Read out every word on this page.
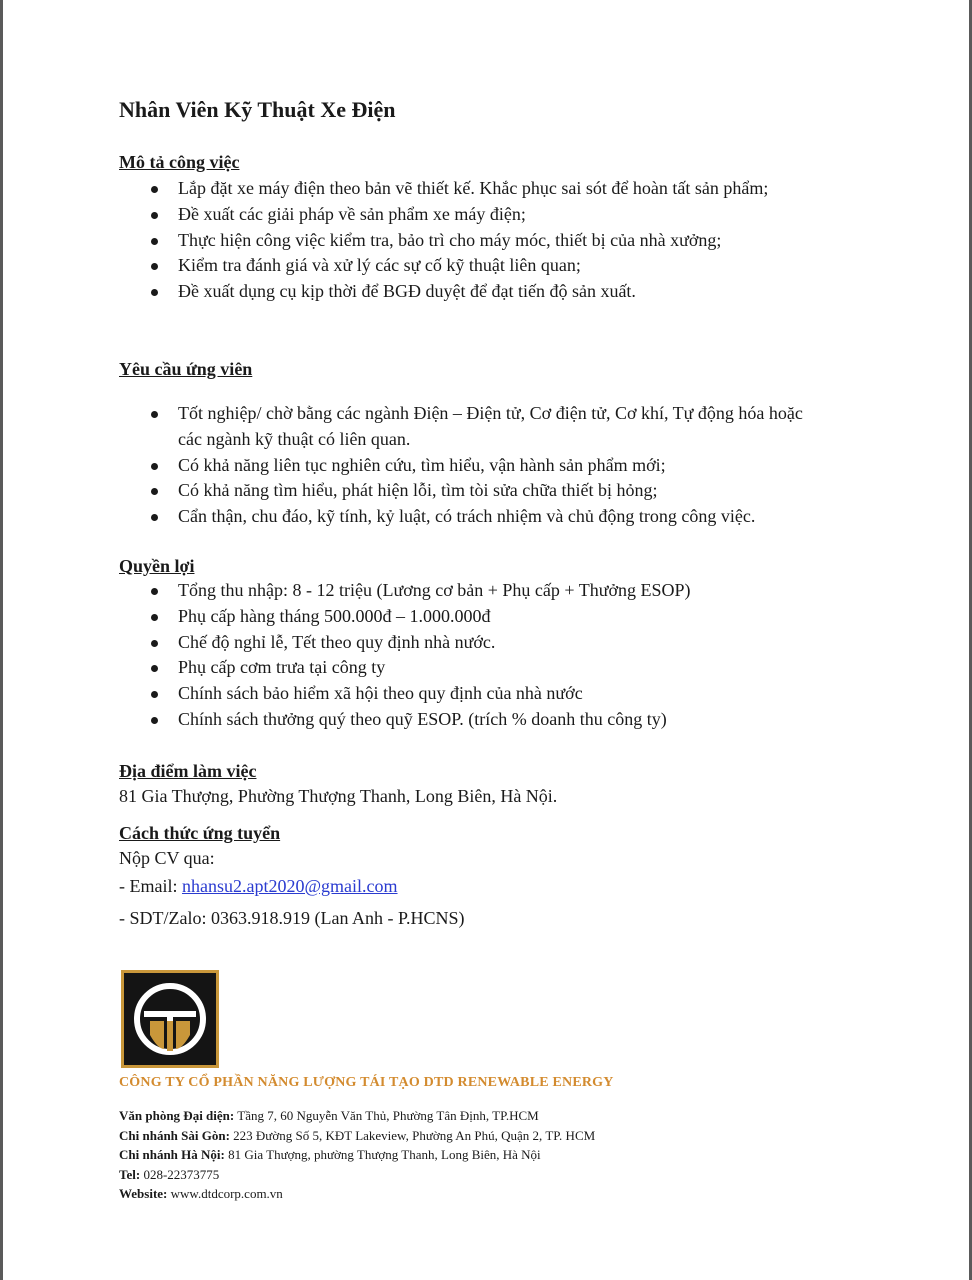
Nhân Viên Kỹ Thuật Xe Điện
Mô tả công việc
Lắp đặt xe máy điện theo bản vẽ thiết kế. Khắc phục sai sót để hoàn tất sản phẩm;
Đề xuất các giải pháp về sản phẩm xe máy điện;
Thực hiện công việc kiểm tra, bảo trì cho máy móc, thiết bị của nhà xưởng;
Kiểm tra đánh giá và xử lý các sự cố kỹ thuật liên quan;
Đề xuất dụng cụ kịp thời để BGĐ duyệt để đạt tiến độ sản xuất.
Yêu cầu ứng viên
Tốt nghiệp/ chờ bằng các ngành Điện – Điện tử, Cơ điện tử, Cơ khí, Tự động hóa hoặc các ngành kỹ thuật có liên quan.
Có khả năng liên tục nghiên cứu, tìm hiểu, vận hành sản phẩm mới;
Có khả năng tìm hiểu, phát hiện lỗi, tìm tòi sửa chữa thiết bị hỏng;
Cẩn thận, chu đáo, kỹ tính, kỷ luật, có trách nhiệm và chủ động trong công việc.
Quyền lợi
Tổng thu nhập: 8 - 12 triệu (Lương cơ bản + Phụ cấp + Thưởng ESOP)
Phụ cấp hàng tháng 500.000đ – 1.000.000đ
Chế độ nghỉ lễ, Tết theo quy định nhà nước.
Phụ cấp cơm trưa tại công ty
Chính sách bảo hiểm xã hội theo quy định của nhà nước
Chính sách thưởng quý theo quỹ ESOP. (trích % doanh thu công ty)
Địa điểm làm việc

81 Gia Thượng, Phường Thượng Thanh, Long Biên, Hà Nội.

Cách thức ứng tuyển

Nộp CV qua:

- Email: nhansu2.apt2020@gmail.com

- SDT/Zalo: 0363.918.919 (Lan Anh - P.HCNS)

CÔNG TY CỔ PHẦN NĂNG LƯỢNG TÁI TẠO DTD RENEWABLE ENERGY
Văn phòng Đại diện: Tầng 7, 60 Nguyễn Văn Thủ, Phường Tân Định, TP.HCM
Chi nhánh Sài Gòn: 223 Đường Số 5, KĐT Lakeview, Phường An Phú, Quận 2, TP. HCM
Chi nhánh Hà Nội: 81 Gia Thượng, phường Thượng Thanh, Long Biên, Hà Nội
Tel: 028-22373775
Website: www.dtdcorp.com.vn
